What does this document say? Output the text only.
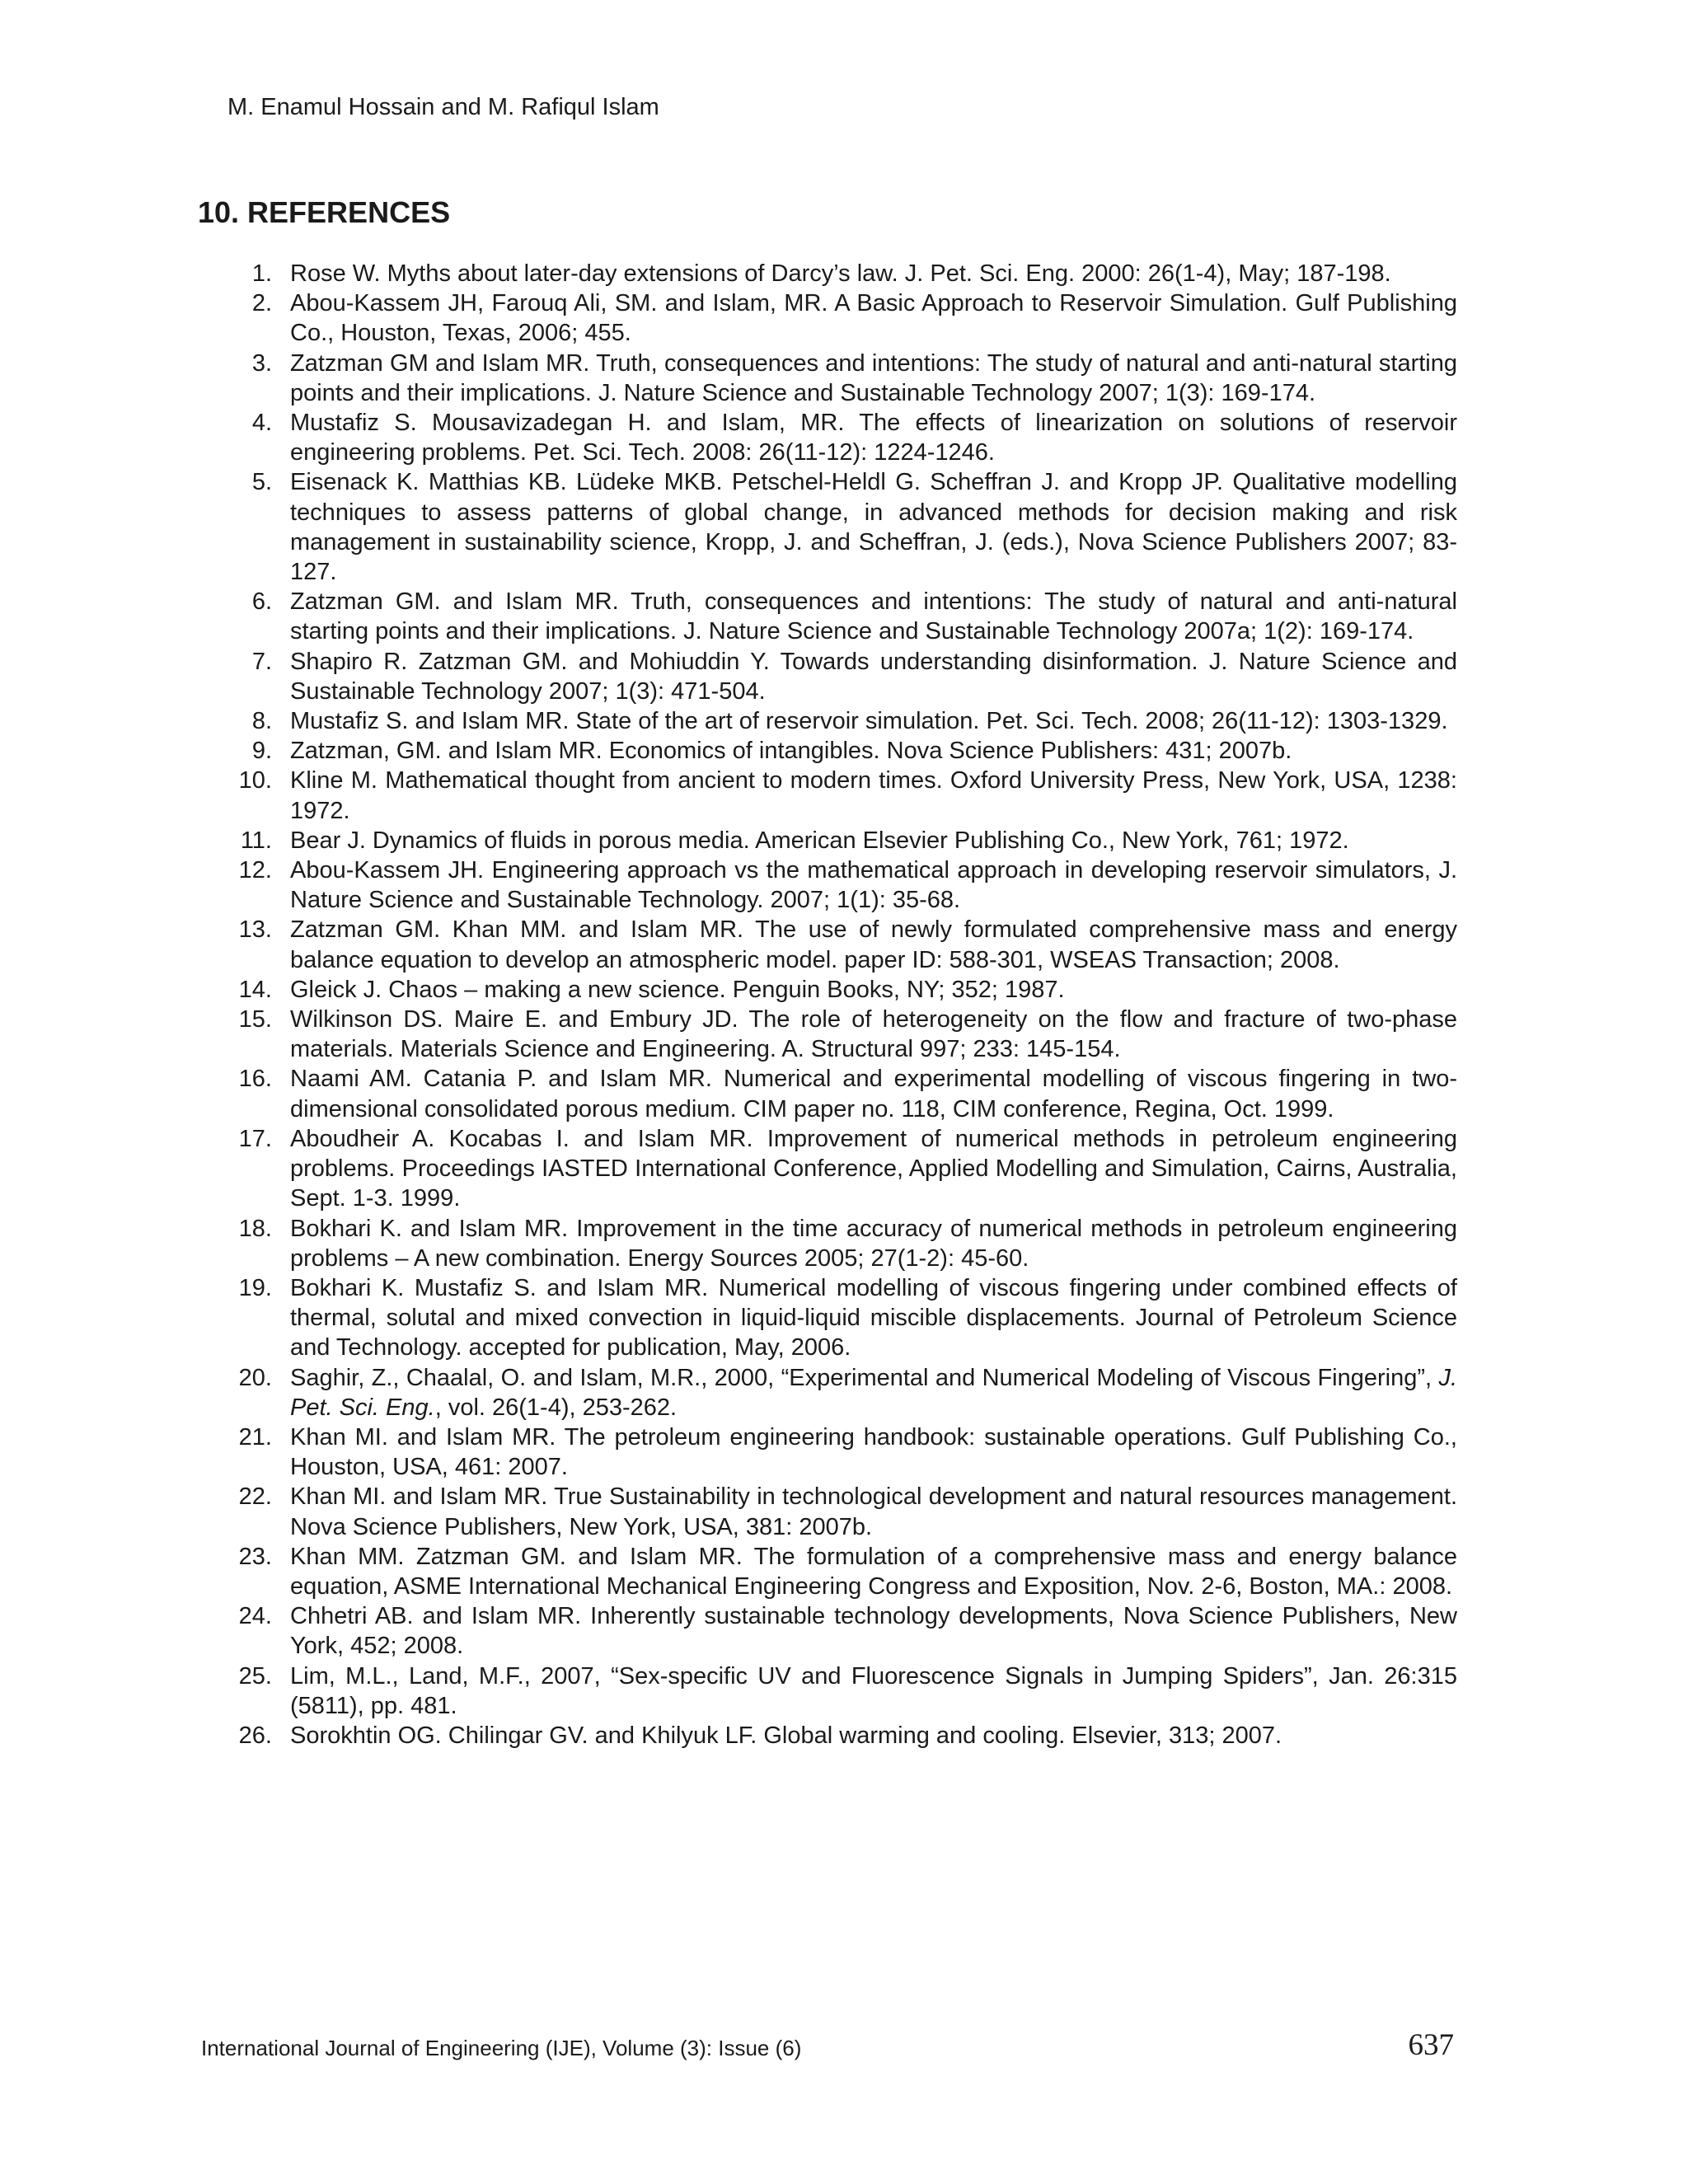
M. Enamul Hossain and M. Rafiqul Islam
10. REFERENCES
1. Rose W. Myths about later-day extensions of Darcy’s law. J. Pet. Sci. Eng. 2000: 26(1-4), May; 187-198.
2. Abou-Kassem JH, Farouq Ali, SM. and Islam, MR. A Basic Approach to Reservoir Simulation. Gulf Publishing Co., Houston, Texas, 2006; 455.
3. Zatzman GM and Islam MR. Truth, consequences and intentions: The study of natural and anti-natural starting points and their implications. J. Nature Science and Sustainable Technology 2007; 1(3): 169-174.
4. Mustafiz S. Mousavizadegan H. and Islam, MR. The effects of linearization on solutions of reservoir engineering problems. Pet. Sci. Tech. 2008: 26(11-12): 1224-1246.
5. Eisenack K. Matthias KB. Lüdeke MKB. Petschel-Heldl G. Scheffran J. and Kropp JP. Qualitative modelling techniques to assess patterns of global change, in advanced methods for decision making and risk management in sustainability science, Kropp, J. and Scheffran, J. (eds.), Nova Science Publishers 2007; 83-127.
6. Zatzman GM. and Islam MR. Truth, consequences and intentions: The study of natural and anti-natural starting points and their implications. J. Nature Science and Sustainable Technology 2007a; 1(2): 169-174.
7. Shapiro R. Zatzman GM. and Mohiuddin Y. Towards understanding disinformation. J. Nature Science and Sustainable Technology 2007; 1(3): 471-504.
8. Mustafiz S. and Islam MR. State of the art of reservoir simulation. Pet. Sci. Tech. 2008; 26(11-12): 1303-1329.
9. Zatzman, GM. and Islam MR. Economics of intangibles. Nova Science Publishers: 431; 2007b.
10. Kline M. Mathematical thought from ancient to modern times. Oxford University Press, New York, USA, 1238: 1972.
11. Bear J. Dynamics of fluids in porous media. American Elsevier Publishing Co., New York, 761; 1972.
12. Abou-Kassem JH. Engineering approach vs the mathematical approach in developing reservoir simulators, J. Nature Science and Sustainable Technology. 2007; 1(1): 35-68.
13. Zatzman GM. Khan MM. and Islam MR. The use of newly formulated comprehensive mass and energy balance equation to develop an atmospheric model. paper ID: 588-301, WSEAS Transaction; 2008.
14. Gleick J. Chaos – making a new science. Penguin Books, NY; 352; 1987.
15. Wilkinson DS. Maire E. and Embury JD. The role of heterogeneity on the flow and fracture of two-phase materials. Materials Science and Engineering. A. Structural 997; 233: 145-154.
16. Naami AM. Catania P. and Islam MR. Numerical and experimental modelling of viscous fingering in two-dimensional consolidated porous medium. CIM paper no. 118, CIM conference, Regina, Oct. 1999.
17. Aboudheir A. Kocabas I. and Islam MR. Improvement of numerical methods in petroleum engineering problems. Proceedings IASTED International Conference, Applied Modelling and Simulation, Cairns, Australia, Sept. 1-3. 1999.
18. Bokhari K. and Islam MR. Improvement in the time accuracy of numerical methods in petroleum engineering problems – A new combination. Energy Sources 2005; 27(1-2): 45-60.
19. Bokhari K. Mustafiz S. and Islam MR. Numerical modelling of viscous fingering under combined effects of thermal, solutal and mixed convection in liquid-liquid miscible displacements. Journal of Petroleum Science and Technology. accepted for publication, May, 2006.
20. Saghir, Z., Chaalal, O. and Islam, M.R., 2000, “Experimental and Numerical Modeling of Viscous Fingering”, J. Pet. Sci. Eng., vol. 26(1-4), 253-262.
21. Khan MI. and Islam MR. The petroleum engineering handbook: sustainable operations. Gulf Publishing Co., Houston, USA, 461: 2007.
22. Khan MI. and Islam MR. True Sustainability in technological development and natural resources management. Nova Science Publishers, New York, USA, 381: 2007b.
23. Khan MM. Zatzman GM. and Islam MR. The formulation of a comprehensive mass and energy balance equation, ASME International Mechanical Engineering Congress and Exposition, Nov. 2-6, Boston, MA.: 2008.
24. Chhetri AB. and Islam MR. Inherently sustainable technology developments, Nova Science Publishers, New York, 452; 2008.
25. Lim, M.L., Land, M.F., 2007, “Sex-specific UV and Fluorescence Signals in Jumping Spiders”, Jan. 26:315 (5811), pp. 481.
26. Sorokhtin OG. Chilingar GV. and Khilyuk LF. Global warming and cooling. Elsevier, 313; 2007.
International Journal of Engineering (IJE), Volume (3): Issue (6)	637
